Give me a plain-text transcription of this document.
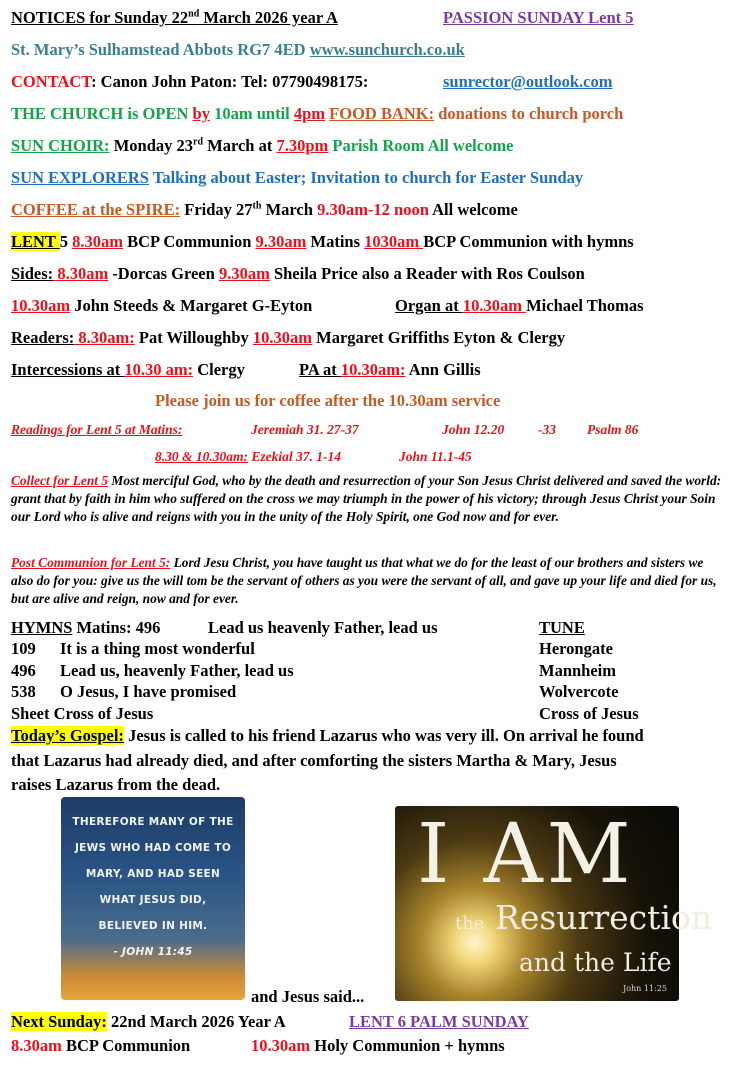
NOTICES for Sunday 22nd March 2026 year A	PASSION SUNDAY Lent 5
St. Mary’s Sulhamstead Abbots RG7 4ED www.sunchurch.co.uk
CONTACT: Canon John Paton: Tel: 07790498175:	sunrector@outlook.com
THE CHURCH is OPEN by 10am until 4pm FOOD BANK: donations to church porch
SUN CHOIR: Monday 23rd March at 7.30pm Parish Room All welcome
SUN EXPLORERS Talking about Easter; Invitation to church for Easter Sunday
COFFEE at the SPIRE: Friday 27th March 9.30am-12 noon All welcome
LENT 5 8.30am BCP Communion 9.30am Matins 1030am BCP Communion with hymns
Sides: 8.30am -Dorcas Green 9.30am Sheila Price also a Reader with Ros Coulson
10.30am John Steeds & Margaret G-Eyton	Organ at 10.30am Michael Thomas
Readers: 8.30am: Pat Willoughby 10.30am Margaret Griffiths Eyton & Clergy
Intercessions at 10.30 am: Clergy	PA at 10.30am: Ann Gillis
Please join us for coffee after the 10.30am service
Readings for Lent 5 at Matins:	Jeremiah 31. 27-37	John 12.20 -33 Psalm 86
8.30 & 10.30am: Ezekial 37. 1-14	John 11.1-45
Collect for Lent 5 Most merciful God, who by the death and resurrection of your Son Jesus Christ delivered and saved the world: grant that by faith in him who suffered on the cross we may triumph in the power of his victory; through Jesus Christ your Soin our Lord who is alive and reigns with you in the unity of the Holy Spirit, one God now and for ever.
Post Communion for Lent 5: Lord Jesu Christ, you have taught us that what we do for the least of our brothers and sisters we also do for you: give us the will tom be the servant of others as you were the servant of all, and gave up your life and died for us, but are alive and reign, now and for ever.
HYMNS Matins: 496	Lead us heavenly Father, lead us	TUNE
109 It is a thing most wonderful	Herongate
496 Lead us, heavenly Father, lead us	Mannheim
538 O Jesus, I have promised	Wolvercote
Sheet Cross of Jesus	Cross of Jesus
Today’s Gospel: Jesus is called to his friend Lazarus who was very ill. On arrival he found
that Lazarus had already died, and after comforting the sisters Martha & Mary, Jesus
raises Lazarus from the dead.
THEREFORE MANY OF THE
JEWS WHO HAD COME TO
MARY, AND HAD SEEN
WHAT JESUS DID,
BELIEVED IN HIM.
- JOHN 11:45
and Jesus said...
I AM
the Resurrection
and the Life
John 11:25
Next Sunday: 22nd March 2026 Year A	LENT 6 PALM SUNDAY
8.30am BCP Communion	10.30am Holy Communion + hymns
